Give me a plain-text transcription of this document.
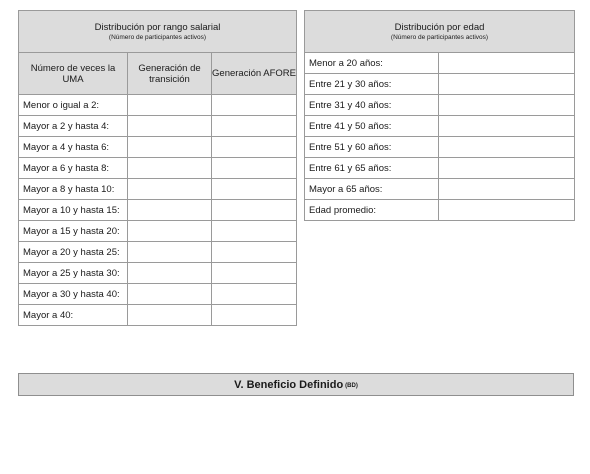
Distribución por rango salarial
(Número de participantes activos)		

Número de veces la UMA	Generación de transición	Generación AFORE
Menor o igual a 2:		
Mayor a 2 y hasta 4:		
Mayor a 4 y hasta 6:		
Mayor a 6 y hasta 8:		
Mayor a 8 y hasta 10:		
Mayor a 10 y hasta 15:		
Mayor a 15 y hasta 20:		
Mayor a 20 y hasta 25:		
Mayor a 25 y hasta 30:		
Mayor a 30 y hasta 40:		
Mayor a 40:		
Distribución por edad
(Número de participantes activos)	

Menor a 20 años:	
Entre 21 y 30 años:	
Entre 31 y 40 años:	
Entre 41 y 50 años:	
Entre 51 y 60 años:	
Entre 61 y 65 años:	
Mayor a 65 años:	
Edad promedio:	
V. Beneficio Definido (BD)
